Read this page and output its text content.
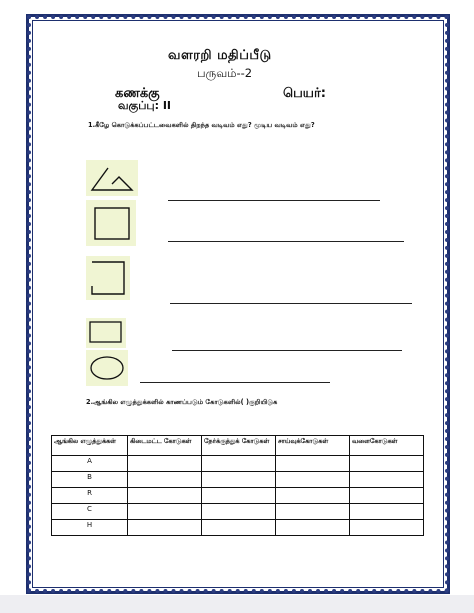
வளரறி மதிப்பீடு
பருவம்--2
கணக்கு	பெயர்:
வகுப்பு: II
1.கீழே கொடுக்கப்பட்டவைகளில் திறந்த வடிவம் எது? மூடிய வடிவம் எது?
2.ஆங்கில எழுத்துக்களில் காணப்படும் கோடுகளில்( )குறியிடுக
ஆங்கில எழுத்துக்கள்	கிடைமட்ட கோடுகள்	நேர்க்குத்துக் கோடுகள்	சாய்வுக்கோடுகள்	வளைகோடுகள்
A				
B				
R				
C				
H				
